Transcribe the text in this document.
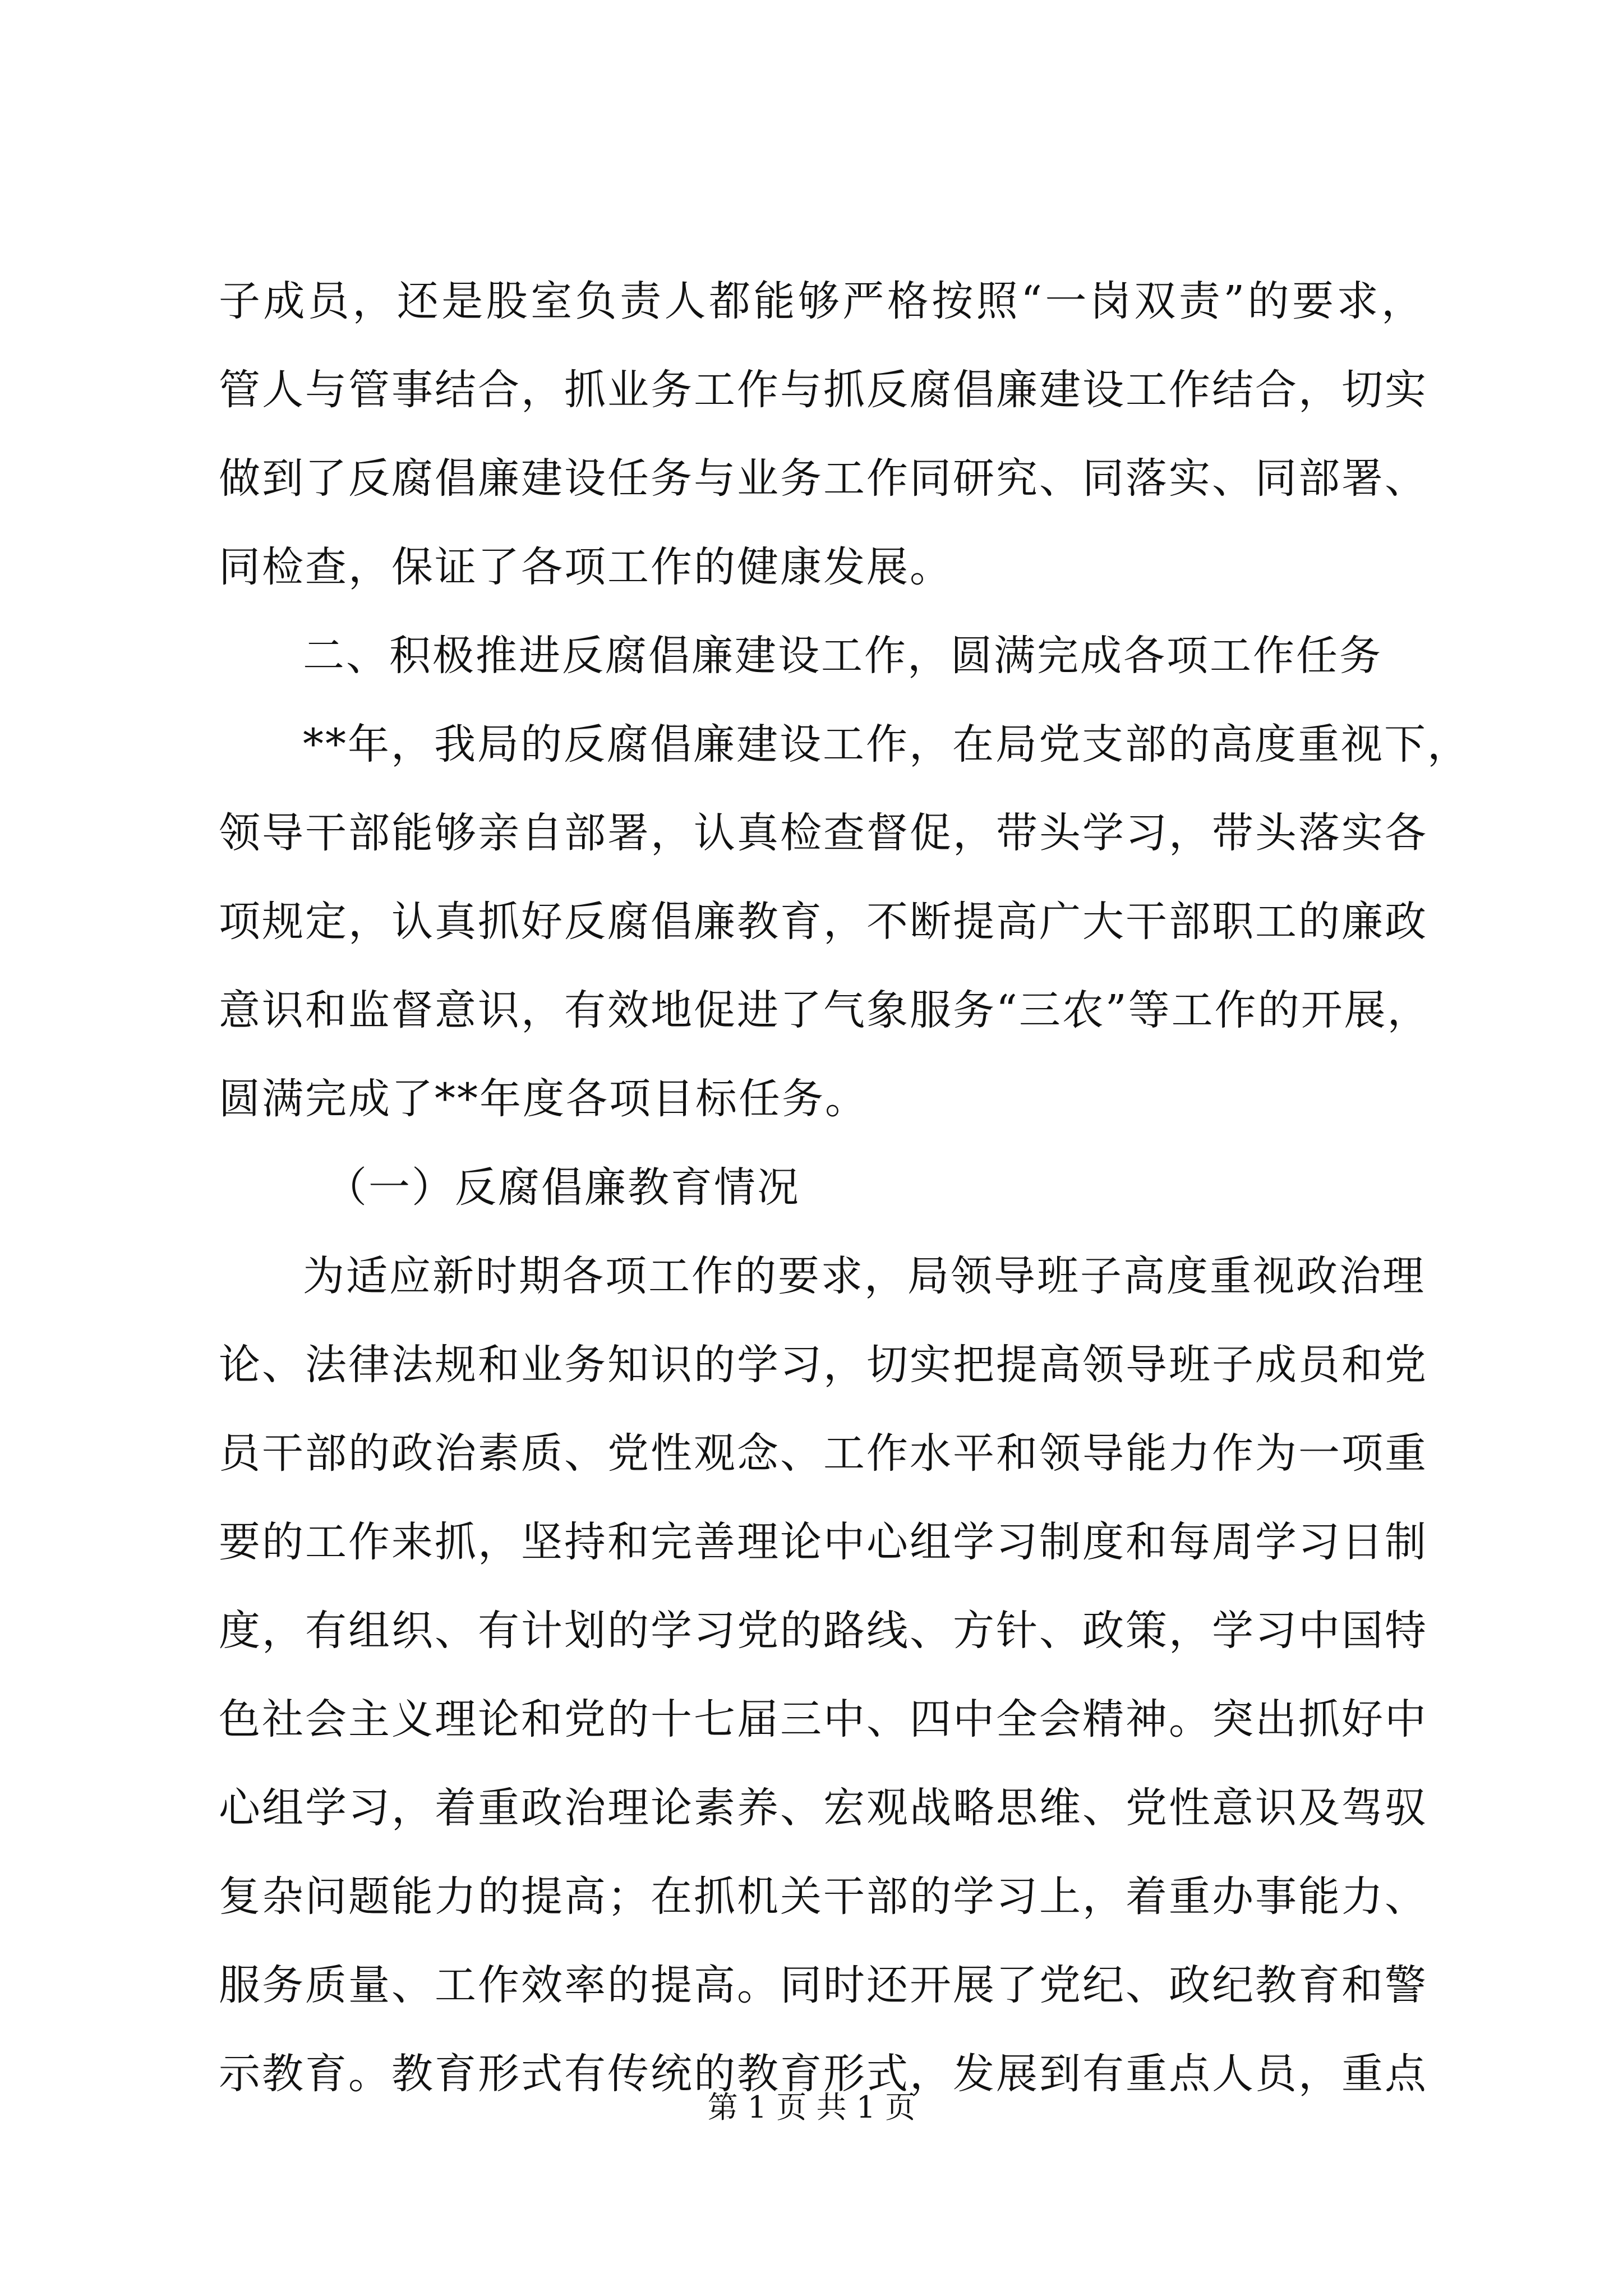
子成员，还是股室负责人都能够严格按照“一岗双责”的要求，
管人与管事结合，抓业务工作与抓反腐倡廉建设工作结合，切实
做到了反腐倡廉建设任务与业务工作同研究、同落实、同部署、
同检查，保证了各项工作的健康发展。
二、积极推进反腐倡廉建设工作，圆满完成各项工作任务
**年，我局的反腐倡廉建设工作，在局党支部的高度重视下，
领导干部能够亲自部署，认真检查督促，带头学习，带头落实各
项规定，认真抓好反腐倡廉教育，不断提高广大干部职工的廉政
意识和监督意识，有效地促进了气象服务“三农”等工作的开展，
圆满完成了**年度各项目标任务。
（一）反腐倡廉教育情况
为适应新时期各项工作的要求，局领导班子高度重视政治理
论、法律法规和业务知识的学习，切实把提高领导班子成员和党
员干部的政治素质、党性观念、工作水平和领导能力作为一项重
要的工作来抓，坚持和完善理论中心组学习制度和每周学习日制
度，有组织、有计划的学习党的路线、方针、政策，学习中国特
色社会主义理论和党的十七届三中、四中全会精神。突出抓好中
心组学习，着重政治理论素养、宏观战略思维、党性意识及驾驭
复杂问题能力的提高；在抓机关干部的学习上，着重办事能力、
服务质量、工作效率的提高。同时还开展了党纪、政纪教育和警
示教育。教育形式有传统的教育形式，发展到有重点人员，重点
第 1 页 共 1 页
